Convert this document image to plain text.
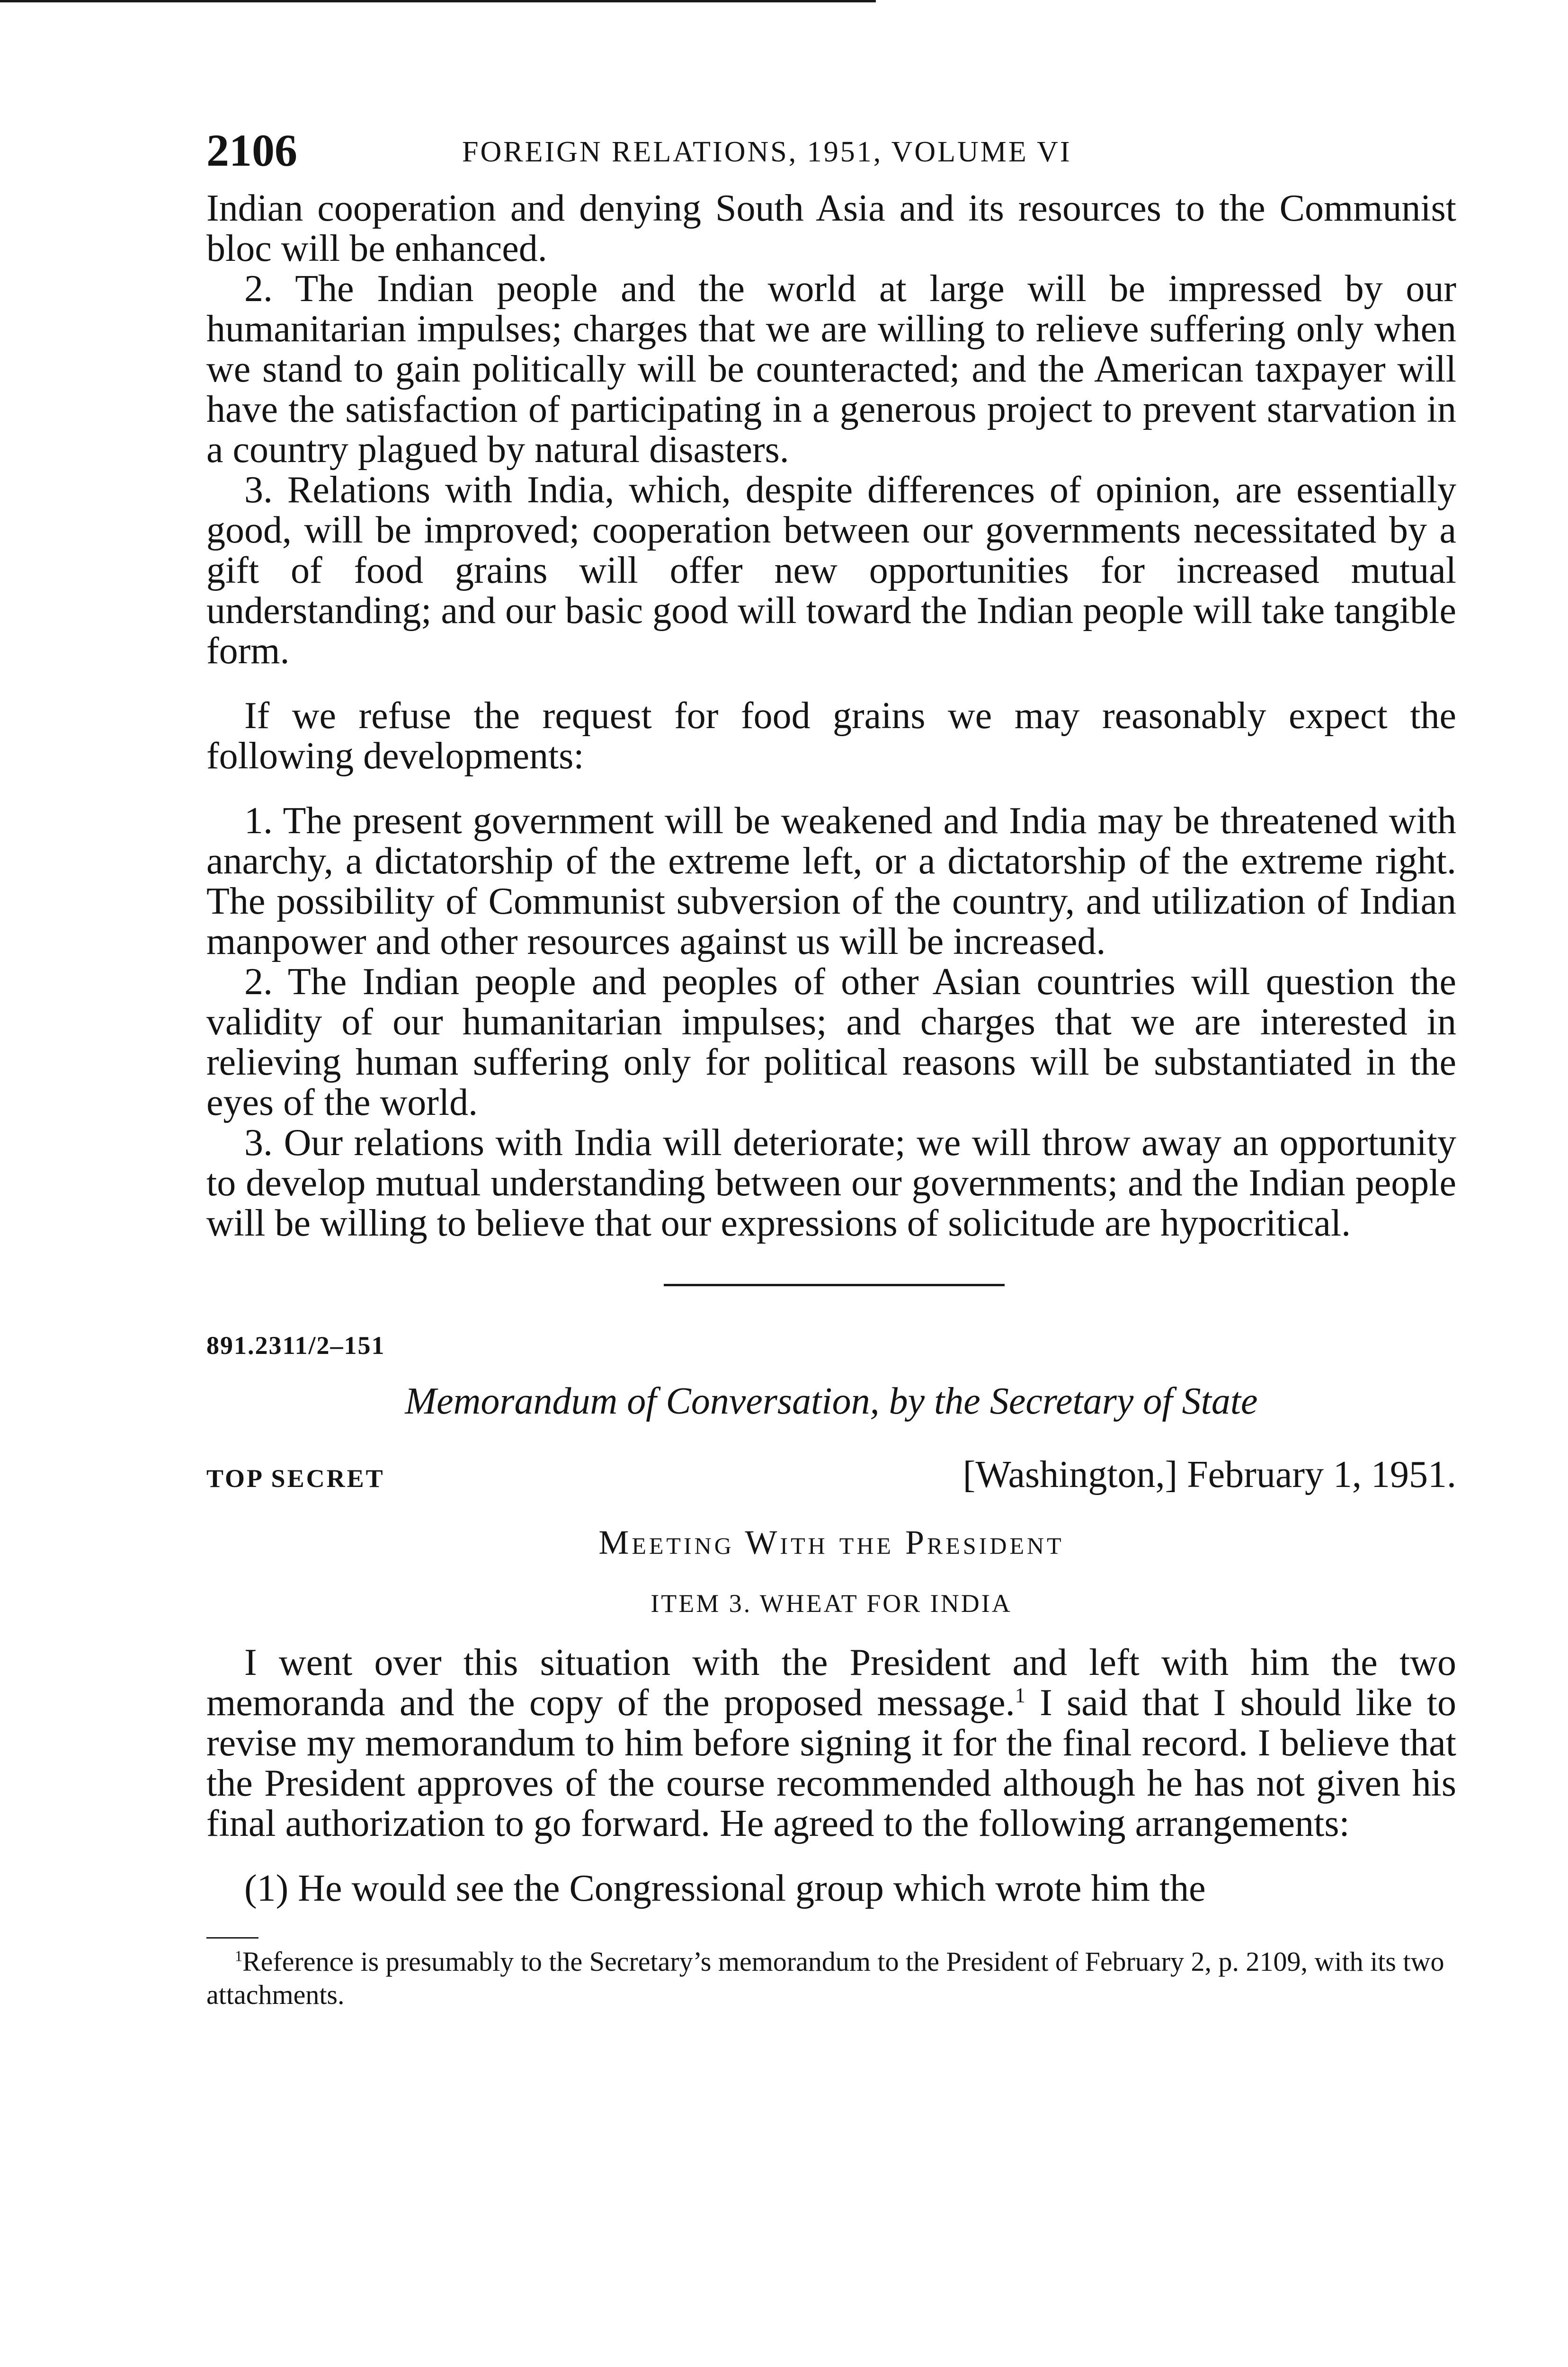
2106	FOREIGN RELATIONS, 1951, VOLUME VI

Indian cooperation and denying South Asia and its resources to the Communist bloc will be enhanced.

2. The Indian people and the world at large will be impressed by our humanitarian impulses; charges that we are willing to relieve suffering only when we stand to gain politically will be counteracted; and the American taxpayer will have the satisfaction of participating in a generous project to prevent starvation in a country plagued by natural disasters.

3. Relations with India, which, despite differences of opinion, are essentially good, will be improved; cooperation between our governments necessitated by a gift of food grains will offer new opportunities for increased mutual understanding; and our basic good will toward the Indian people will take tangible form.

If we refuse the request for food grains we may reasonably expect the following developments:

1. The present government will be weakened and India may be threatened with anarchy, a dictatorship of the extreme left, or a dictatorship of the extreme right. The possibility of Communist subversion of the country, and utilization of Indian manpower and other resources against us will be increased.

2. The Indian people and peoples of other Asian countries will question the validity of our humanitarian impulses; and charges that we are interested in relieving human suffering only for political reasons will be substantiated in the eyes of the world.

3. Our relations with India will deteriorate; we will throw away an opportunity to develop mutual understanding between our governments; and the Indian people will be willing to believe that our expressions of solicitude are hypocritical.

891.2311/2–151
Memorandum of Conversation, by the Secretary of State
TOP SECRET	[Washington,] February 1, 1951.
Meeting With the President
ITEM 3. WHEAT FOR INDIA

I went over this situation with the President and left with him the two memoranda and the copy of the proposed message.$^1$ I said that I should like to revise my memorandum to him before signing it for the final record. I believe that the President approves of the course recommended although he has not given his final authorization to go forward. He agreed to the following arrangements:

(1) He would see the Congressional group which wrote him the

$^1$Reference is presumably to the Secretary’s memorandum to the President of February 2, p. 2109, with its two attachments.
